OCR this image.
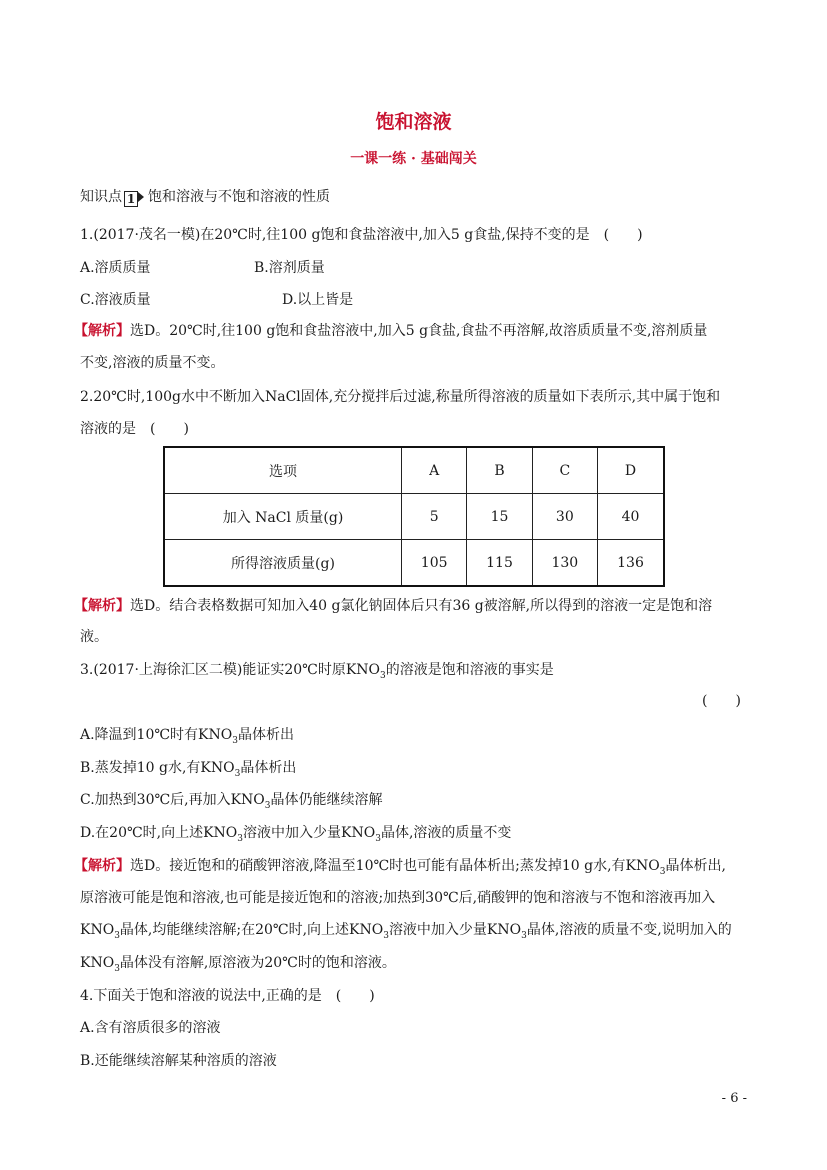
饱和溶液
一课一练 · 基础闯关
知识点 1 饱和溶液与不饱和溶液的性质
1.(2017·茂名一模)在20℃时,往100 g饱和食盐溶液中,加入5 g食盐,保持不变的是　(　　)
A.溶质质量	B.溶剂质量
C.溶液质量	D.以上皆是
【解析】选D。20℃时,往100 g饱和食盐溶液中,加入5 g食盐,食盐不再溶解,故溶质质量不变,溶剂质量
不变,溶液的质量不变。
2.20℃时,100g水中不断加入NaCl固体,充分搅拌后过滤,称量所得溶液的质量如下表所示,其中属于饱和
溶液的是　(　　)
选项	A	B	C	D
加入 NaCl 质量(g)	5	15	30	40
所得溶液质量(g)	105	115	130	136
【解析】选D。结合表格数据可知加入40 g氯化钠固体后只有36 g被溶解,所以得到的溶液一定是饱和溶
液。
3.(2017·上海徐汇区二模)能证实20℃时原$KNO_3$的溶液是饱和溶液的事实是
(　　)
A.降温到10℃时有$KNO_3$晶体析出
B.蒸发掉10 g水,有$KNO_3$晶体析出
C.加热到30℃后,再加入$KNO_3$晶体仍能继续溶解
D.在20℃时,向上述$KNO_3$溶液中加入少量$KNO_3$晶体,溶液的质量不变
【解析】选D。接近饱和的硝酸钾溶液,降温至10℃时也可能有晶体析出;蒸发掉10 g水,有$KNO_3$晶体析出,
原溶液可能是饱和溶液,也可能是接近饱和的溶液;加热到30℃后,硝酸钾的饱和溶液与不饱和溶液再加入
$KNO_3$晶体,均能继续溶解;在20℃时,向上述$KNO_3$溶液中加入少量$KNO_3$晶体,溶液的质量不变,说明加入的
$KNO_3$晶体没有溶解,原溶液为20℃时的饱和溶液。
4.下面关于饱和溶液的说法中,正确的是　(　　)
A.含有溶质很多的溶液
B.还能继续溶解某种溶质的溶液
- 6 -
